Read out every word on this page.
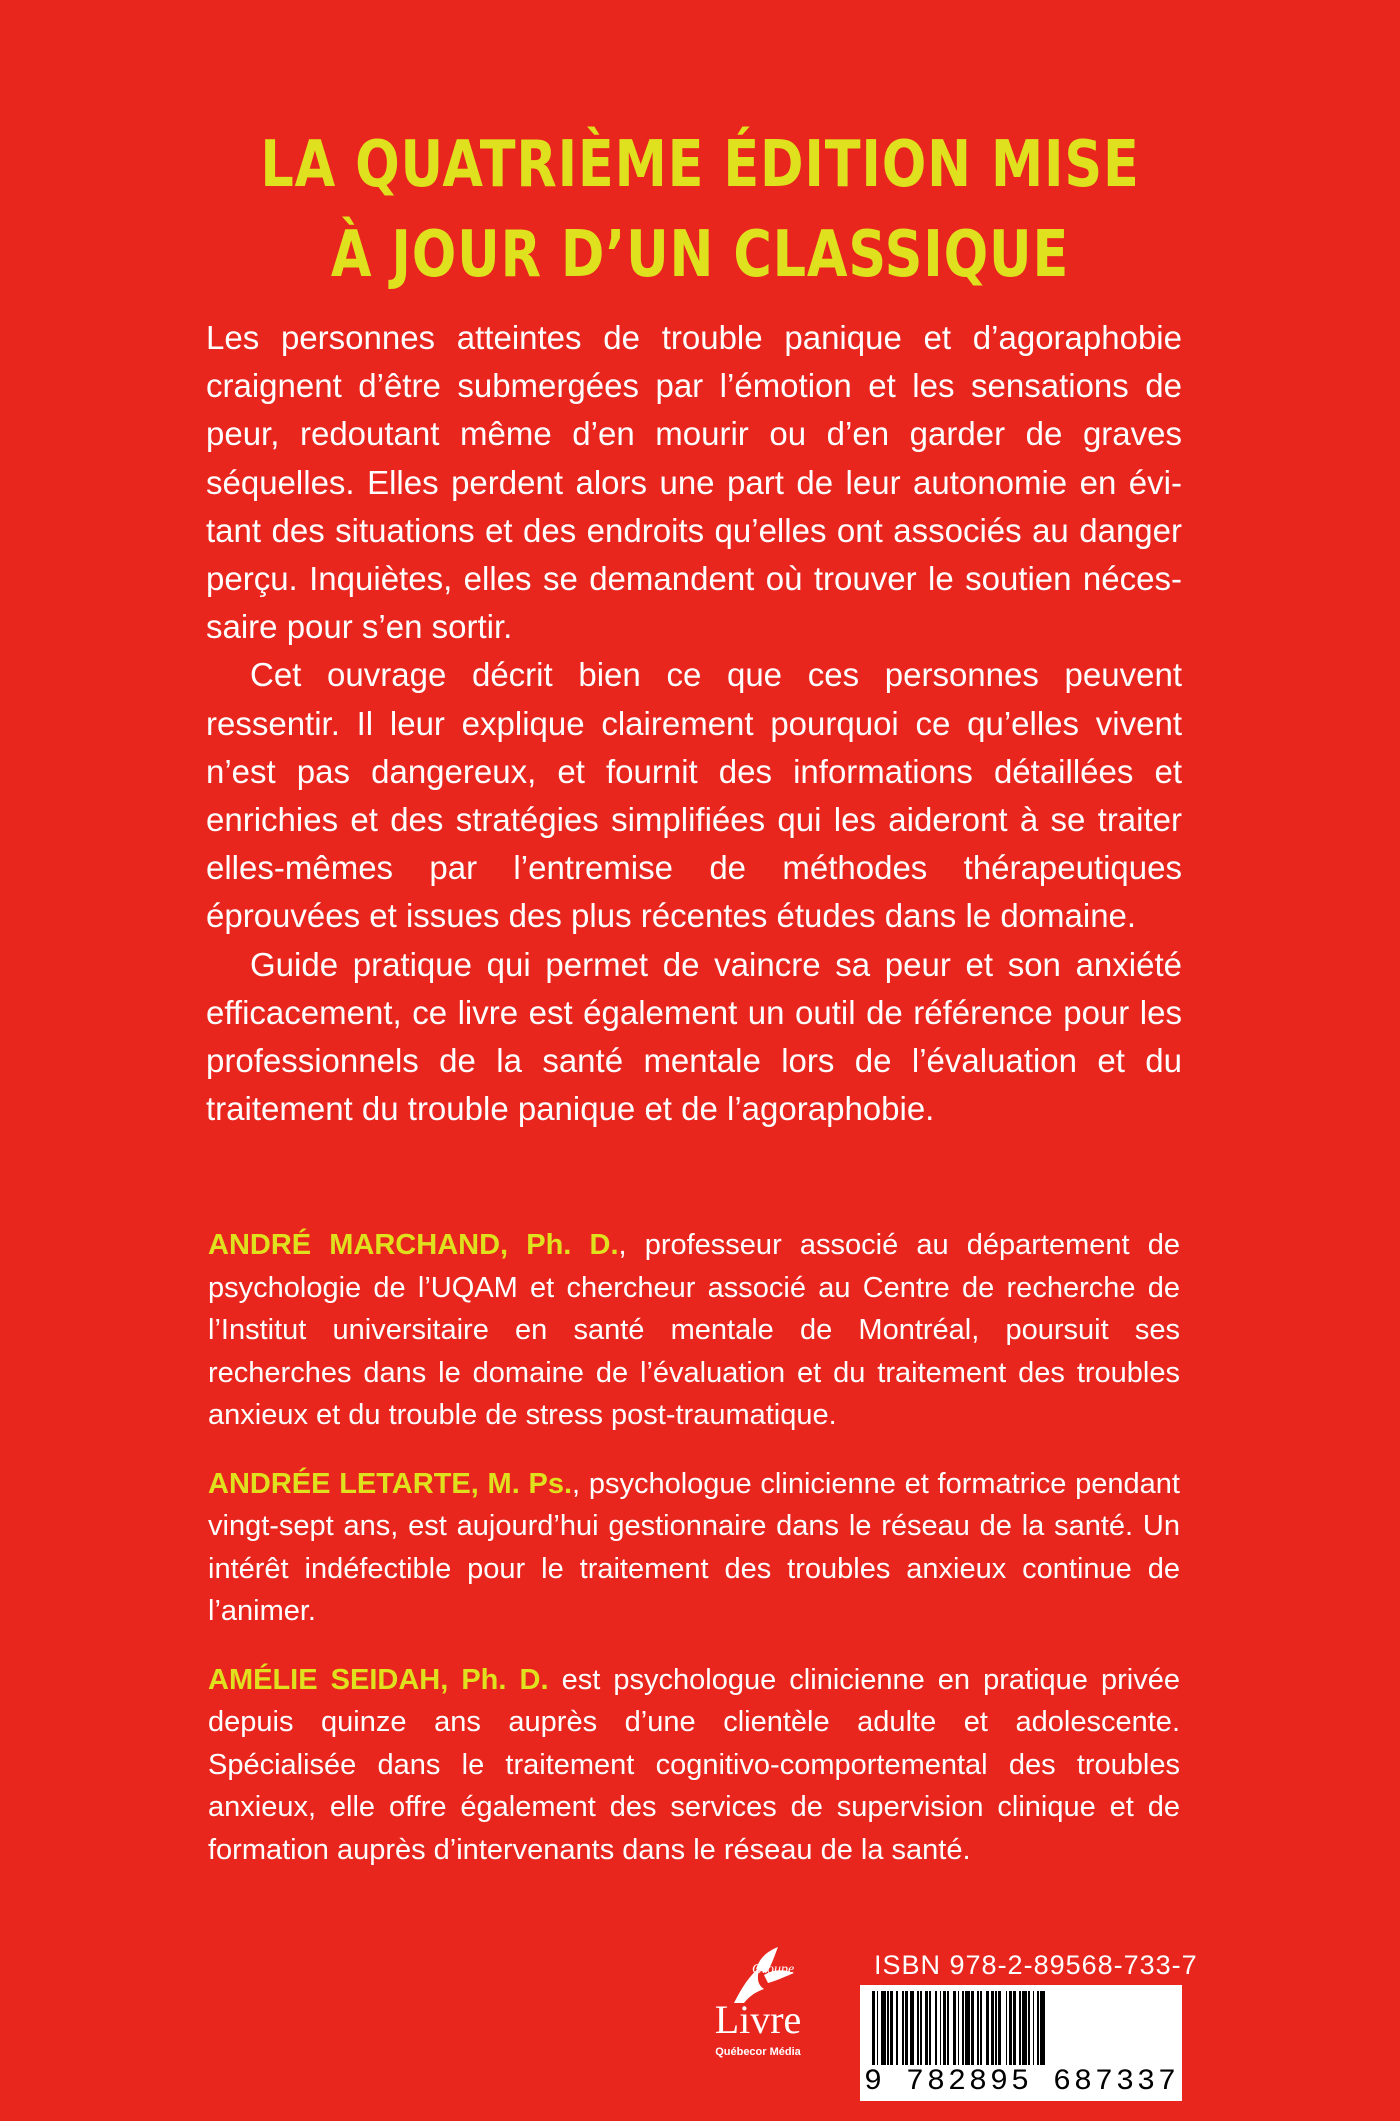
LA QUATRIÈME ÉDITION MISE
À JOUR D’UN CLASSIQUE

Les personnes atteintes de trouble panique et d’agoraphobie craignent d’être submergées par l’émotion et les sensations de peur, redoutant même d’en mourir ou d’en garder de graves séquelles. Elles perdent alors une part de leur autonomie en évitant des situations et des endroits qu’elles ont associés au danger perçu. Inquiètes, elles se demandent où trouver le soutien nécessaire pour s’en sortir.

Cet ouvrage décrit bien ce que ces personnes peuvent ressentir. Il leur explique clairement pourquoi ce qu’elles vivent n’est pas dangereux, et fournit des informations détaillées et enrichies et des stratégies simplifiées qui les aideront à se traiter elles-mêmes par l’entremise de méthodes thérapeutiques éprouvées et issues des plus récentes études dans le domaine.

Guide pratique qui permet de vaincre sa peur et son anxiété efficacement, ce livre est également un outil de référence pour les professionnels de la santé mentale lors de l’évaluation et du traitement du trouble panique et de l’agoraphobie.

ANDRÉ MARCHAND, Ph. D., professeur associé au département de psychologie de l’UQAM et chercheur associé au Centre de recherche de l’Institut universitaire en santé mentale de Montréal, poursuit ses recherches dans le domaine de l’évaluation et du traitement des troubles anxieux et du trouble de stress post-traumatique.

ANDRÉE LETARTE, M. Ps., psychologue clinicienne et formatrice pendant vingt-sept ans, est aujourd’hui gestionnaire dans le réseau de la santé. Un intérêt indéfectible pour le traitement des troubles anxieux continue de l’animer.

AMÉLIE SEIDAH, Ph. D. est psychologue clinicienne en pratique privée depuis quinze ans auprès d’une clientèle adulte et adolescente. Spécialisée dans le traitement cognitivo-comportemental des troubles anxieux, elle offre également des services de supervision clinique et de formation auprès d’intervenants dans le réseau de la santé.

Groupe
Livre
Québecor Média
ISBN 978-2-89568-733-7
9 782895 687337
